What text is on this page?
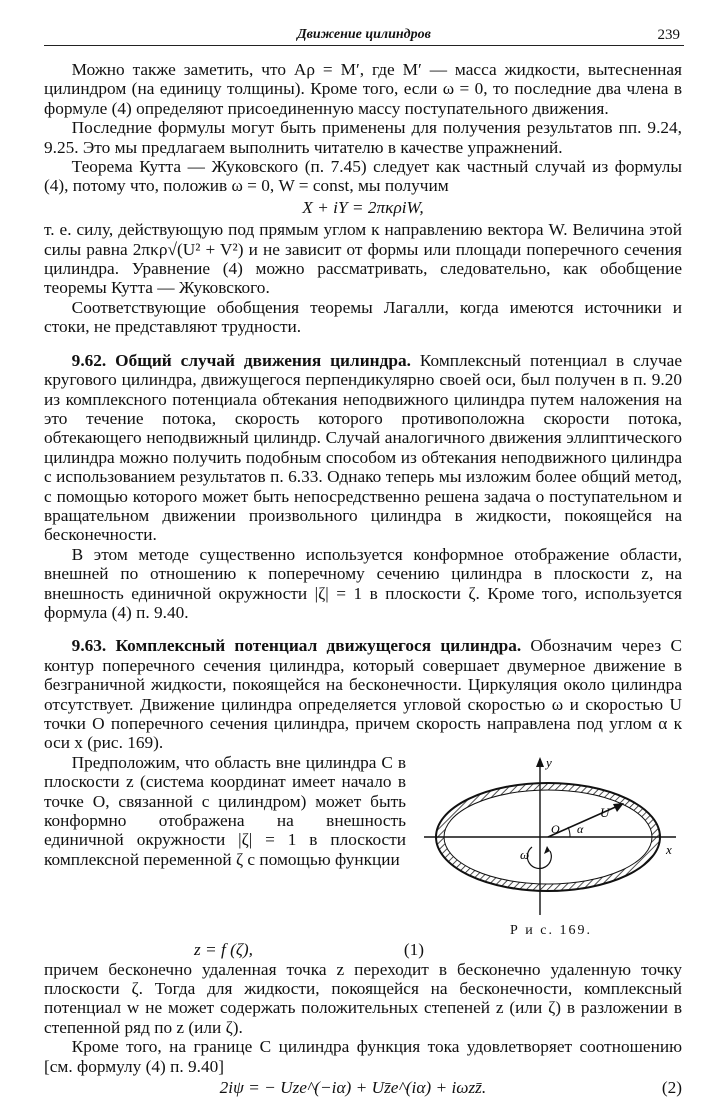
Движение цилиндров	239

Можно также заметить, что Aρ = M′, где M′ — масса жидкости, вытесненная цилиндром (на единицу толщины). Кроме того, если ω = 0, то последние два члена в формуле (4) определяют присоединенную массу поступательного движения.

Последние формулы могут быть применены для получения результатов пп. 9.24, 9.25. Это мы предлагаем выполнить читателю в качестве упражнений.

Теорема Кутта — Жуковского (п. 7.45) следует как частный случай из формулы (4), потому что, положив ω = 0, W = const, мы получим

X + iY = 2πκρiW,

т. е. силу, действующую под прямым углом к направлению вектора W. Величина этой силы равна 2πκρ√(U² + V²) и не зависит от формы или площади поперечного сечения цилиндра. Уравнение (4) можно рассматривать, следовательно, как обобщение теоремы Кутта — Жуковского.

Соответствующие обобщения теоремы Лагалли, когда имеются источники и стоки, не представляют трудности.

9.62. Общий случай движения цилиндра. Комплексный потенциал в случае кругового цилиндра, движущегося перпендикулярно своей оси, был получен в п. 9.20 из комплексного потенциала обтекания неподвижного цилиндра путем наложения на это течение потока, скорость которого противоположна скорости потока, обтекающего неподвижный цилиндр. Случай аналогичного движения эллиптического цилиндра можно получить подобным способом из обтекания неподвижного цилиндра с использованием результатов п. 6.33. Однако теперь мы изложим более общий метод, с помощью которого может быть непосредственно решена задача о поступательном и вращательном движении произвольного цилиндра в жидкости, покоящейся на бесконечности.

В этом методе существенно используется конформное отображение области, внешней по отношению к поперечному сечению цилиндра в плоскости z, на внешность единичной окружности |ζ| = 1 в плоскости ζ. Кроме того, используется формула (4) п. 9.40.

9.63. Комплексный потенциал движущегося цилиндра. Обозначим через C контур поперечного сечения цилиндра, который совершает двумерное движение в безграничной жидкости, покоящейся на бесконечности. Циркуляция около цилиндра отсутствует. Движение цилиндра определяется угловой скоростью ω и скоростью U точки O поперечного сечения цилиндра, причем скорость направлена под углом α к оси x (рис. 169).

y
x
O α
U
ω
Р и с. 169.

Предположим, что область вне цилиндра C в плоскости z (система координат имеет начало в точке O, связанной с цилиндром) может быть конформно отображена на внешность единичной окружности |ζ| = 1 в плоскости комплексной переменной ζ с помощью функции

z = f (ζ),	(1)

причем бесконечно удаленная точка z переходит в бесконечно удаленную точку плоскости ζ. Тогда для жидкости, покоящейся на бесконечности, комплексный потенциал w не может содержать положительных степеней z (или ζ) в разложении в степенной ряд по z (или ζ).

Кроме того, на границе C цилиндра функция тока удовлетворяет соотношению [см. формулу (4) п. 9.40]

2iψ = − Uze^(−iα) + Uz̄e^(iα) + iωzz̄.	(2)
